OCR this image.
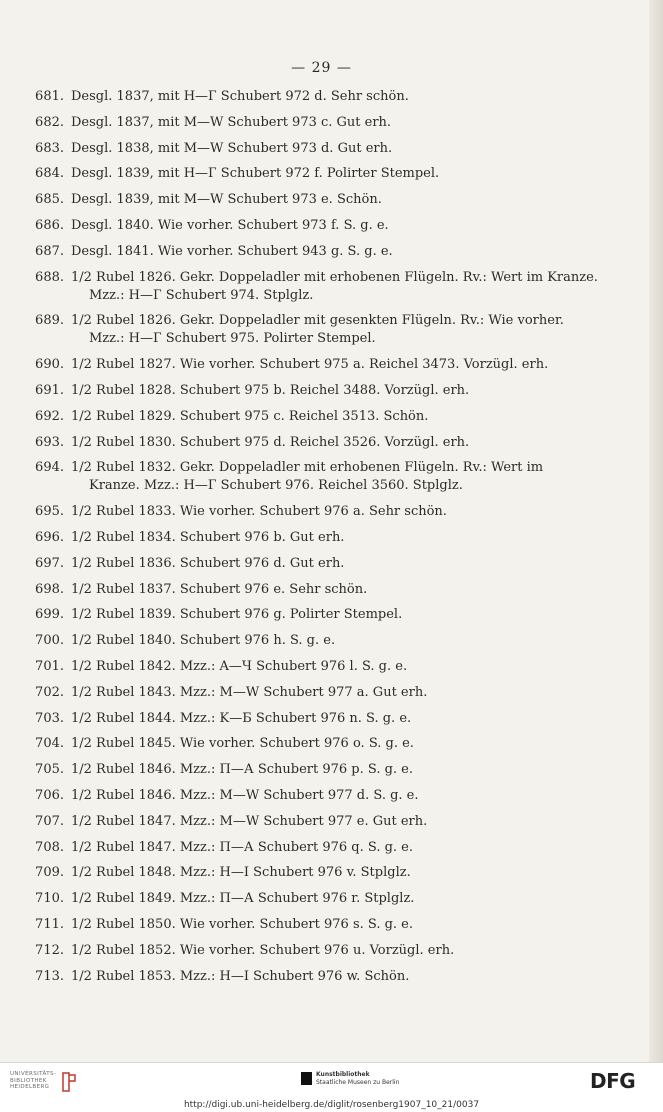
— 29 —
681. Desgl. 1837, mit H—Г Schubert 972 d. Sehr schön.
682. Desgl. 1837, mit M—W Schubert 973 c. Gut erh.
683. Desgl. 1838, mit M—W Schubert 973 d. Gut erh.
684. Desgl. 1839, mit H—Г Schubert 972 f. Polirter Stempel.
685. Desgl. 1839, mit M—W Schubert 973 e. Schön.
686. Desgl. 1840. Wie vorher. Schubert 973 f. S. g. e.
687. Desgl. 1841. Wie vorher. Schubert 943 g. S. g. e.
688. 1/2 Rubel 1826. Gekr. Doppeladler mit erhobenen Flügeln. Rv.: Wert im Kranze.
Mzz.: H—Г Schubert 974. Stplglz.
689. 1/2 Rubel 1826. Gekr. Doppeladler mit gesenkten Flügeln. Rv.: Wie vorher.
Mzz.: H—Г Schubert 975. Polirter Stempel.
690. 1/2 Rubel 1827. Wie vorher. Schubert 975 a. Reichel 3473. Vorzügl. erh.
691. 1/2 Rubel 1828. Schubert 975 b. Reichel 3488. Vorzügl. erh.
692. 1/2 Rubel 1829. Schubert 975 c. Reichel 3513. Schön.
693. 1/2 Rubel 1830. Schubert 975 d. Reichel 3526. Vorzügl. erh.
694. 1/2 Rubel 1832. Gekr. Doppeladler mit erhobenen Flügeln. Rv.: Wert im
Kranze. Mzz.: H—Г Schubert 976. Reichel 3560. Stplglz.
695. 1/2 Rubel 1833. Wie vorher. Schubert 976 a. Sehr schön.
696. 1/2 Rubel 1834. Schubert 976 b. Gut erh.
697. 1/2 Rubel 1836. Schubert 976 d. Gut erh.
698. 1/2 Rubel 1837. Schubert 976 e. Sehr schön.
699. 1/2 Rubel 1839. Schubert 976 g. Polirter Stempel.
700. 1/2 Rubel 1840. Schubert 976 h. S. g. e.
701. 1/2 Rubel 1842. Mzz.: A—Ч Schubert 976 l. S. g. e.
702. 1/2 Rubel 1843. Mzz.: M—W Schubert 977 a. Gut erh.
703. 1/2 Rubel 1844. Mzz.: K—Б Schubert 976 n. S. g. e.
704. 1/2 Rubel 1845. Wie vorher. Schubert 976 o. S. g. e.
705. 1/2 Rubel 1846. Mzz.: П—А Schubert 976 p. S. g. e.
706. 1/2 Rubel 1846. Mzz.: M—W Schubert 977 d. S. g. e.
707. 1/2 Rubel 1847. Mzz.: M—W Schubert 977 e. Gut erh.
708. 1/2 Rubel 1847. Mzz.: П—А Schubert 976 q. S. g. e.
709. 1/2 Rubel 1848. Mzz.: H—I Schubert 976 v. Stplglz.
710. 1/2 Rubel 1849. Mzz.: П—А Schubert 976 r. Stplglz.
711. 1/2 Rubel 1850. Wie vorher. Schubert 976 s. S. g. e.
712. 1/2 Rubel 1852. Wie vorher. Schubert 976 u. Vorzügl. erh.
713. 1/2 Rubel 1853. Mzz.: H—I Schubert 976 w. Schön.
UNIVERSITÄTS-
BIBLIOTHEK
HEIDELBERG
Kunstbibliothek
Staatliche Museen zu Berlin	DFG
http://digi.ub.uni-heidelberg.de/diglit/rosenberg1907_10_21/0037
